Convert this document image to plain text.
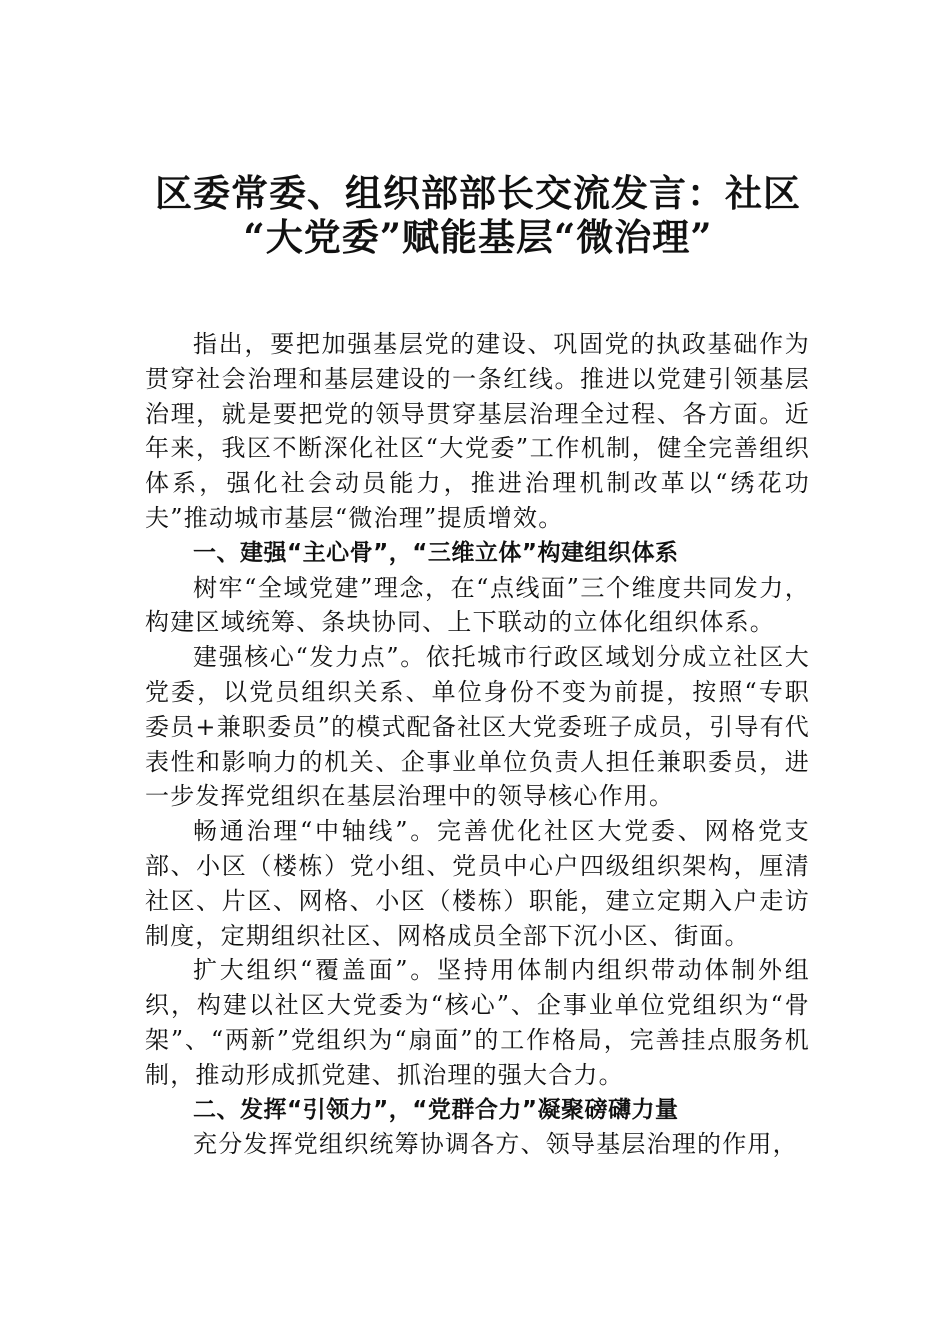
区委常委、组织部部长交流发言：社区
“大党委”赋能基层“微治理”

指出，要把加强基层党的建设、巩固党的执政基础作为贯穿社会治理和基层建设的一条红线。推进以党建引领基层治理，就是要把党的领导贯穿基层治理全过程、各方面。近年来，我区不断深化社区“大党委”工作机制，健全完善组织体系，强化社会动员能力，推进治理机制改革以“绣花功夫”推动城市基层“微治理”提质增效。

一、建强“主心骨”，“三维立体”构建组织体系

树牢“全域党建”理念，在“点线面”三个维度共同发力，构建区域统筹、条块协同、上下联动的立体化组织体系。

建强核心“发力点”。依托城市行政区域划分成立社区大党委，以党员组织关系、单位身份不变为前提，按照“专职委员+兼职委员”的模式配备社区大党委班子成员，引导有代表性和影响力的机关、企事业单位负责人担任兼职委员，进一步发挥党组织在基层治理中的领导核心作用。

畅通治理“中轴线”。完善优化社区大党委、网格党支部、小区（楼栋）党小组、党员中心户四级组织架构，厘清社区、片区、网格、小区（楼栋）职能，建立定期入户走访制度，定期组织社区、网格成员全部下沉小区、街面。

扩大组织“覆盖面”。坚持用体制内组织带动体制外组织，构建以社区大党委为“核心”、企事业单位党组织为“骨架”、“两新”党组织为“扇面”的工作格局，完善挂点服务机制，推动形成抓党建、抓治理的强大合力。

二、发挥“引领力”，“党群合力”凝聚磅礴力量

充分发挥党组织统筹协调各方、领导基层治理的作用，
